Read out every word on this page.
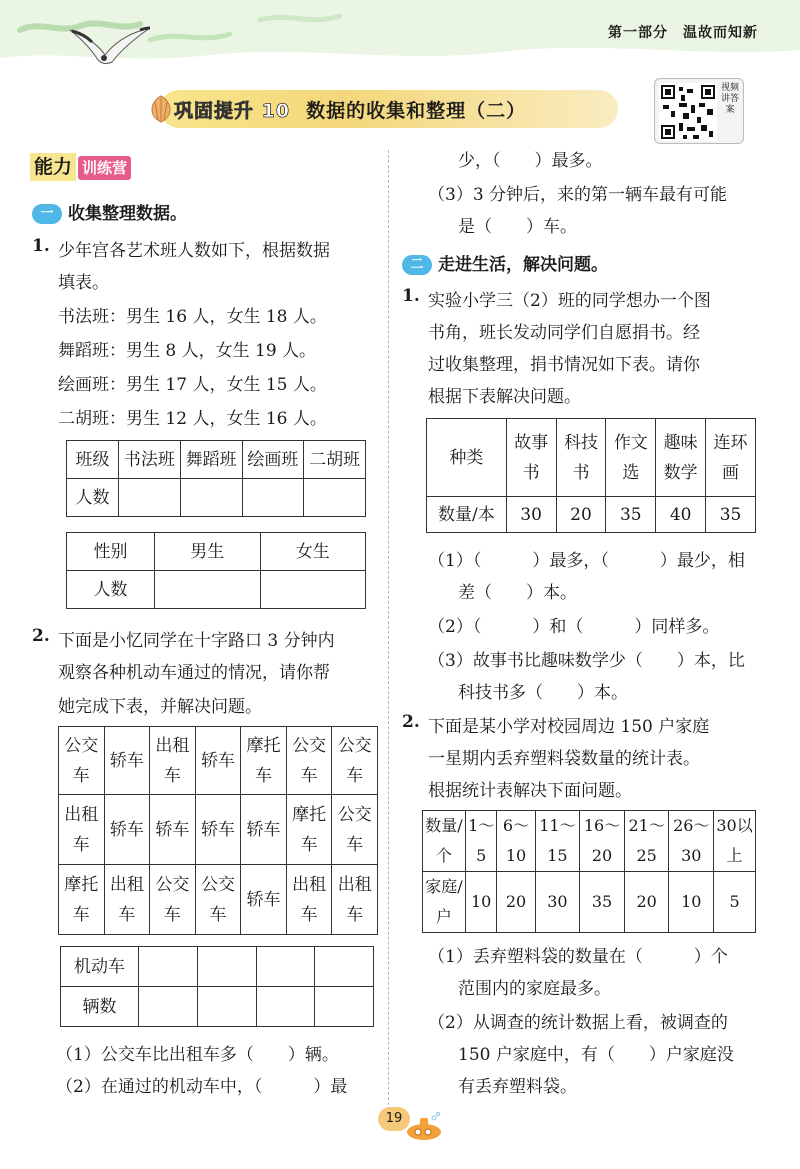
第一部分　温故而知新
巩固提升 10 数据的收集和整理（二）
视频讲答案
能力 训练营
一 收集整理数据。
1. 少年宫各艺术班人数如下，根据数据
填表。
书法班：男生 16 人，女生 18 人。
舞蹈班：男生 8 人，女生 19 人。
绘画班：男生 17 人，女生 15 人。
二胡班：男生 12 人，女生 16 人。
班级	书法班	舞蹈班	绘画班	二胡班
人数				
性别	男生	女生
人数		
2. 下面是小忆同学在十字路口 3 分钟内
观察各种机动车通过的情况，请你帮
她完成下表，并解决问题。
公交车	轿车	出租车	轿车	摩托车	公交车	公交车
出租车	轿车	轿车	轿车	轿车	摩托车	公交车
摩托车	出租车	公交车	公交车	轿车	出租车	出租车
机动车				
辆数				
（1）公交车比出租车多（　　）辆。
（2）在通过的机动车中，（　　　）最
少，（　　）最多。
（3）3 分钟后，来的第一辆车最有可能
是（　　）车。
二 走进生活，解决问题。
1. 实验小学三（2）班的同学想办一个图
书角，班长发动同学们自愿捐书。经
过收集整理，捐书情况如下表。请你
根据下表解决问题。
种类	故事书	科技书	作文选	趣味数学	连环画
数量/本	30	20	35	40	35
（1）（　　　）最多，（　　　）最少，相
差（　　）本。
（2）（　　　）和（　　　）同样多。
（3）故事书比趣味数学少（　　）本，比
科技书多（　　）本。
2. 下面是某小学对校园周边 150 户家庭
一星期内丢弃塑料袋数量的统计表。
根据统计表解决下面问题。
数量/个	1～5	6～10	11～15	16～20	21～25	26～30	30以上
家庭/户	10	20	30	35	20	10	5
（1）丢弃塑料袋的数量在（　　　）个
范围内的家庭最多。
（2）从调查的统计数据上看，被调查的
150 户家庭中，有（　　）户家庭没
有丢弃塑料袋。
19
